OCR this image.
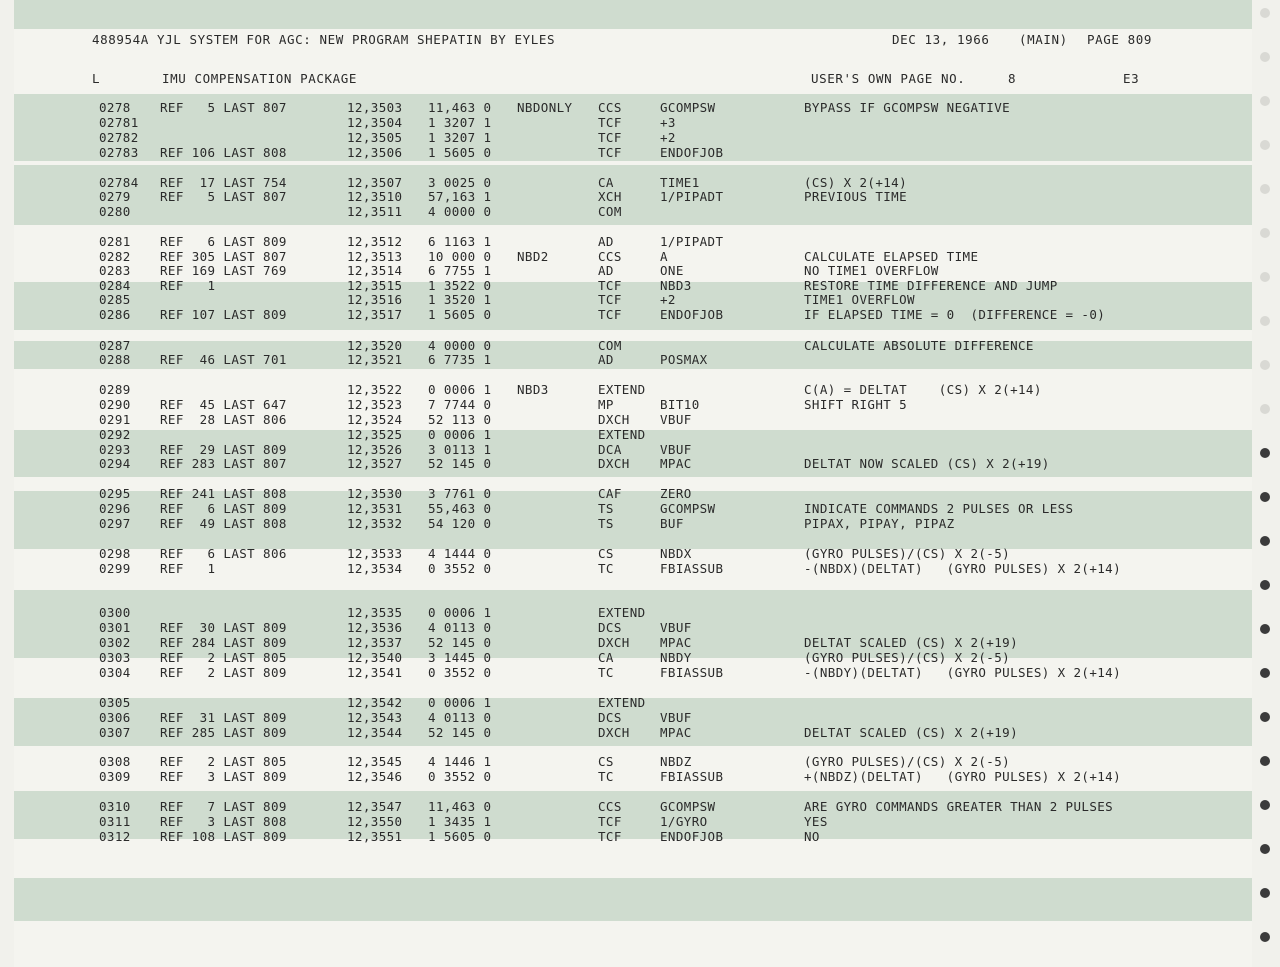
488954A YJL SYSTEM FOR AGC: NEW PROGRAM SHEPATIN BY EYLES	DEC 13, 1966 (MAIN) PAGE 809
L	IMU COMPENSATION PACKAGE	USER'S OWN PAGE NO.	8	E3
0278 REF   5 LAST 807	12,3503 11,463 0 NBDONLY CCS	GCOMPSW	BYPASS IF GCOMPSW NEGATIVE
02781	12,3504 1 3207 1	TCF	+3
02782	12,3505 1 3207 1	TCF	+2
02783 REF 106 LAST 808	12,3506 1 5605 0	TCF	ENDOFJOB
02784 REF  17 LAST 754	12,3507 3 0025 0	CA	TIME1	(CS) X 2(+14)
0279 REF   5 LAST 807	12,3510 57,163 1	XCH	1/PIPADT	PREVIOUS TIME
0280	12,3511 4 0000 0	COM
0281 REF   6 LAST 809	12,3512 6 1163 1	AD	1/PIPADT
0282 REF 305 LAST 807	12,3513 10 000 0 NBD2	CCS	A	CALCULATE ELAPSED TIME
0283 REF 169 LAST 769	12,3514 6 7755 1	AD	ONE	NO TIME1 OVERFLOW
0284 REF   1	12,3515 1 3522 0	TCF	NBD3	RESTORE TIME DIFFERENCE AND JUMP
0285	12,3516 1 3520 1	TCF	+2	TIME1 OVERFLOW
0286 REF 107 LAST 809	12,3517 1 5605 0	TCF	ENDOFJOB	IF ELAPSED TIME = 0  (DIFFERENCE = -0)
0287	12,3520 4 0000 0	COM	CALCULATE ABSOLUTE DIFFERENCE
0288 REF  46 LAST 701	12,3521 6 7735 1	AD	POSMAX
0289	12,3522 0 0006 1 NBD3	EXTEND	C(A) = DELTAT    (CS) X 2(+14)
0290 REF  45 LAST 647	12,3523 7 7744 0	MP	BIT10	SHIFT RIGHT 5
0291 REF  28 LAST 806	12,3524 52 113 0	DXCH VBUF
0292	12,3525 0 0006 1	EXTEND
0293 REF  29 LAST 809	12,3526 3 0113 1	DCA	VBUF
0294 REF 283 LAST 807	12,3527 52 145 0	DXCH MPAC	DELTAT NOW SCALED (CS) X 2(+19)
0295 REF 241 LAST 808	12,3530 3 7761 0	CAF	ZERO
0296 REF   6 LAST 809	12,3531 55,463 0	TS	GCOMPSW	INDICATE COMMANDS 2 PULSES OR LESS
0297 REF  49 LAST 808	12,3532 54 120 0	TS	BUF	PIPAX, PIPAY, PIPAZ
0298 REF   6 LAST 806	12,3533 4 1444 0	CS	NBDX	(GYRO PULSES)/(CS) X 2(-5)
0299 REF   1	12,3534 0 3552 0	TC	FBIASSUB	-(NBDX)(DELTAT)   (GYRO PULSES) X 2(+14)
0300	12,3535 0 0006 1	EXTEND
0301 REF  30 LAST 809	12,3536 4 0113 0	DCS	VBUF
0302 REF 284 LAST 809	12,3537 52 145 0	DXCH MPAC	DELTAT SCALED (CS) X 2(+19)
0303 REF   2 LAST 805	12,3540 3 1445 0	CA	NBDY	(GYRO PULSES)/(CS) X 2(-5)
0304 REF   2 LAST 809	12,3541 0 3552 0	TC	FBIASSUB	-(NBDY)(DELTAT)   (GYRO PULSES) X 2(+14)
0305	12,3542 0 0006 1	EXTEND
0306 REF  31 LAST 809	12,3543 4 0113 0	DCS	VBUF
0307 REF 285 LAST 809	12,3544 52 145 0	DXCH MPAC	DELTAT SCALED (CS) X 2(+19)
0308 REF   2 LAST 805	12,3545 4 1446 1	CS	NBDZ	(GYRO PULSES)/(CS) X 2(-5)
0309 REF   3 LAST 809	12,3546 0 3552 0	TC	FBIASSUB	+(NBDZ)(DELTAT)   (GYRO PULSES) X 2(+14)
0310 REF   7 LAST 809	12,3547 11,463 0	CCS	GCOMPSW	ARE GYRO COMMANDS GREATER THAN 2 PULSES
0311 REF   3 LAST 808	12,3550 1 3435 1	TCF	1/GYRO	YES
0312 REF 108 LAST 809	12,3551 1 5605 0	TCF	ENDOFJOB	NO
